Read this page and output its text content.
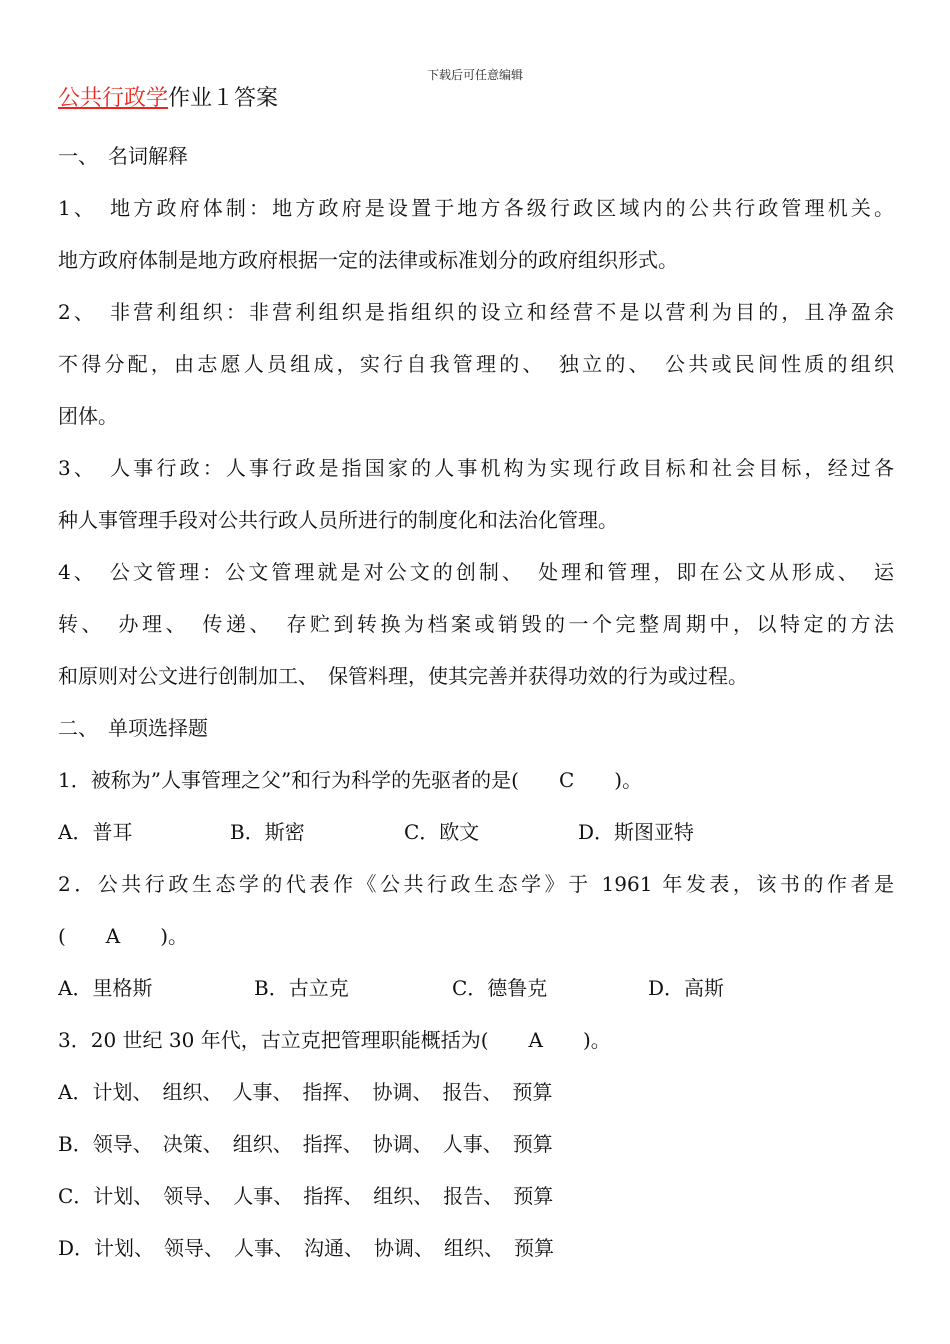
下载后可任意编辑
公共行政学作业１答案
一、　名词解释
1、　地方政府体制：地方政府是设置于地方各级行政区域内的公共行政管理机关。
地方政府体制是地方政府根据一定的法律或标准划分的政府组织形式。
2、　非营利组织：非营利组织是指组织的设立和经营不是以营利为目的，且净盈余
不得分配，由志愿人员组成，实行自我管理的、　独立的、　公共或民间性质的组织
团体。
3、　人事行政：人事行政是指国家的人事机构为实现行政目标和社会目标，经过各
种人事管理手段对公共行政人员所进行的制度化和法治化管理。
4、　公文管理：公文管理就是对公文的创制、　处理和管理，即在公文从形成、　运
转、　办理、　传递、　存贮到转换为档案或销毁的一个完整周期中，以特定的方法
和原则对公文进行创制加工、　保管料理，使其完善并获得功效的行为或过程。
二、　单项选择题
1．被称为”人事管理之父”和行为科学的先驱者的是(　　C　　)。
A．普耳	B．斯密	C．欧文	D．斯图亚特
2．公共行政生态学的代表作《公共行政生态学》于 1961 年发表，该书的作者是
(　　A　　)。
A．里格斯	B．古立克	C．德鲁克	D．高斯
3．20 世纪 30 年代，古立克把管理职能概括为(　　A　　)。
A．计划、　组织、　人事、　指挥、　协调、　报告、　预算
B．领导、　决策、　组织、　指挥、　协调、　人事、　预算
C．计划、　领导、　人事、　指挥、　组织、　报告、　预算
D．计划、　领导、　人事、　沟通、　协调、　组织、　预算
